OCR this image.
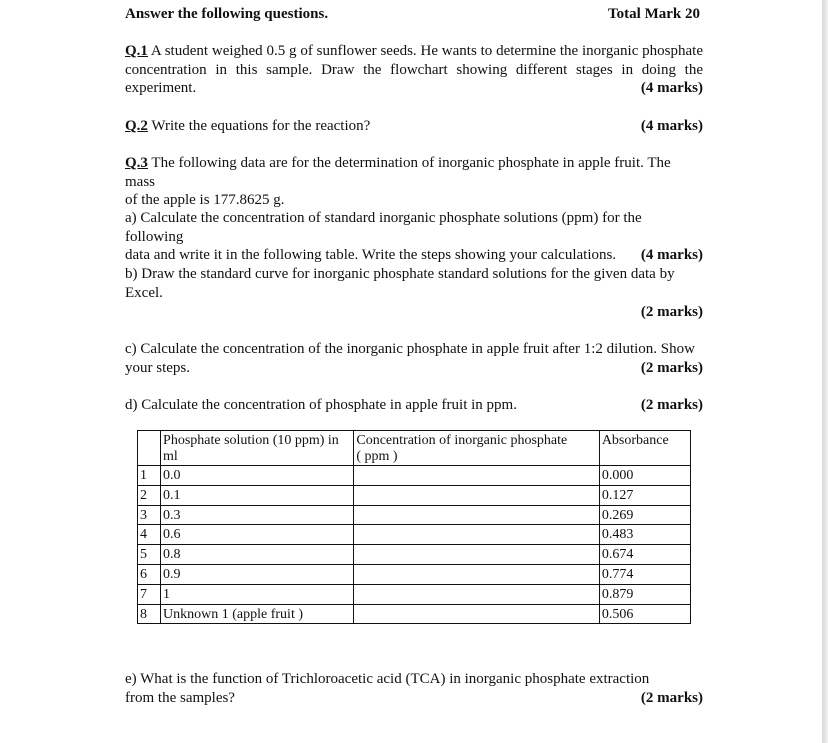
Answer the following questions.	Total Mark 20
Q.1 A student weighed 0.5 g of sunflower seeds. He wants to determine the inorganic phosphate concentration in this sample. Draw the flowchart showing different stages in doing the experiment.	(4 marks)
Q.2 Write the equations for the reaction?	(4 marks)
Q.3 The following data are for the determination of inorganic phosphate in apple fruit. The mass
of the apple is 177.8625 g.
a) Calculate the concentration of standard inorganic phosphate solutions (ppm) for the following
data and write it in the following table. Write the steps showing your calculations. (4 marks)
b) Draw the standard curve for inorganic phosphate standard solutions for the given data by Excel.
(2 marks)
c) Calculate the concentration of the inorganic phosphate in apple fruit after 1:2 dilution. Show
your steps.	(2 marks)
d) Calculate the concentration of phosphate in apple fruit in ppm.	(2 marks)
	Phosphate solution (10 ppm) in ml	Concentration of inorganic phosphate
( ppm )	Absorbance
1	0.0		0.000
2	0.1		0.127
3	0.3		0.269
4	0.6		0.483
5	0.8		0.674
6	0.9		0.774
7	1		0.879
8	Unknown 1 (apple fruit )		0.506
e) What is the function of Trichloroacetic acid (TCA) in inorganic phosphate extraction
from the samples?	(2 marks)
